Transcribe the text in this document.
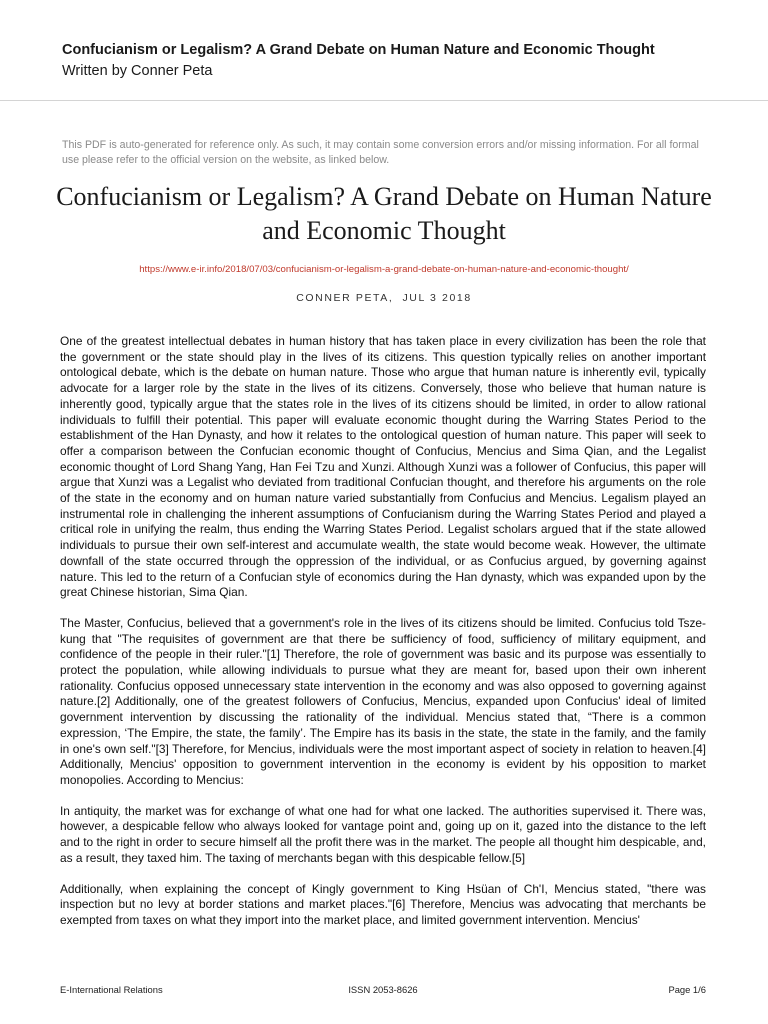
Confucianism or Legalism? A Grand Debate on Human Nature and Economic Thought
Written by Conner Peta
This PDF is auto-generated for reference only. As such, it may contain some conversion errors and/or missing information. For all formal use please refer to the official version on the website, as linked below.
Confucianism or Legalism? A Grand Debate on Human Nature and Economic Thought
https://www.e-ir.info/2018/07/03/confucianism-or-legalism-a-grand-debate-on-human-nature-and-economic-thought/
CONNER PETA,  JUL 3 2018

One of the greatest intellectual debates in human history that has taken place in every civilization has been the role that the government or the state should play in the lives of its citizens. This question typically relies on another important ontological debate, which is the debate on human nature. Those who argue that human nature is inherently evil, typically advocate for a larger role by the state in the lives of its citizens. Conversely, those who believe that human nature is inherently good, typically argue that the states role in the lives of its citizens should be limited, in order to allow rational individuals to fulfill their potential. This paper will evaluate economic thought during the Warring States Period to the establishment of the Han Dynasty, and how it relates to the ontological question of human nature. This paper will seek to offer a comparison between the Confucian economic thought of Confucius, Mencius and Sima Qian, and the Legalist economic thought of Lord Shang Yang, Han Fei Tzu and Xunzi. Although Xunzi was a follower of Confucius, this paper will argue that Xunzi was a Legalist who deviated from traditional Confucian thought, and therefore his arguments on the role of the state in the economy and on human nature varied substantially from Confucius and Mencius. Legalism played an instrumental role in challenging the inherent assumptions of Confucianism during the Warring States Period and played a critical role in unifying the realm, thus ending the Warring States Period. Legalist scholars argued that if the state allowed individuals to pursue their own self-interest and accumulate wealth, the state would become weak. However, the ultimate downfall of the state occurred through the oppression of the individual, or as Confucius argued, by governing against nature. This led to the return of a Confucian style of economics during the Han dynasty, which was expanded upon by the great Chinese historian, Sima Qian.

The Master, Confucius, believed that a government's role in the lives of its citizens should be limited. Confucius told Tsze-kung that "The requisites of government are that there be sufficiency of food, sufficiency of military equipment, and confidence of the people in their ruler."[1] Therefore, the role of government was basic and its purpose was essentially to protect the population, while allowing individuals to pursue what they are meant for, based upon their own inherent rationality. Confucius opposed unnecessary state intervention in the economy and was also opposed to governing against nature.[2] Additionally, one of the greatest followers of Confucius, Mencius, expanded upon Confucius' ideal of limited government intervention by discussing the rationality of the individual. Mencius stated that, “There is a common expression, ‘The Empire, the state, the family’. The Empire has its basis in the state, the state in the family, and the family in one's own self."[3] Therefore, for Mencius, individuals were the most important aspect of society in relation to heaven.[4] Additionally, Mencius' opposition to government intervention in the economy is evident by his opposition to market monopolies. According to Mencius:

In antiquity, the market was for exchange of what one had for what one lacked. The authorities supervised it. There was, however, a despicable fellow who always looked for vantage point and, going up on it, gazed into the distance to the left and to the right in order to secure himself all the profit there was in the market. The people all thought him despicable, and, as a result, they taxed him. The taxing of merchants began with this despicable fellow.[5]

Additionally, when explaining the concept of Kingly government to King Hsüan of Ch'I, Mencius stated, "there was inspection but no levy at border stations and market places."[6] Therefore, Mencius was advocating that merchants be exempted from taxes on what they import into the market place, and limited government intervention. Mencius'

E-International Relations	ISSN 2053-8626	Page 1/6
